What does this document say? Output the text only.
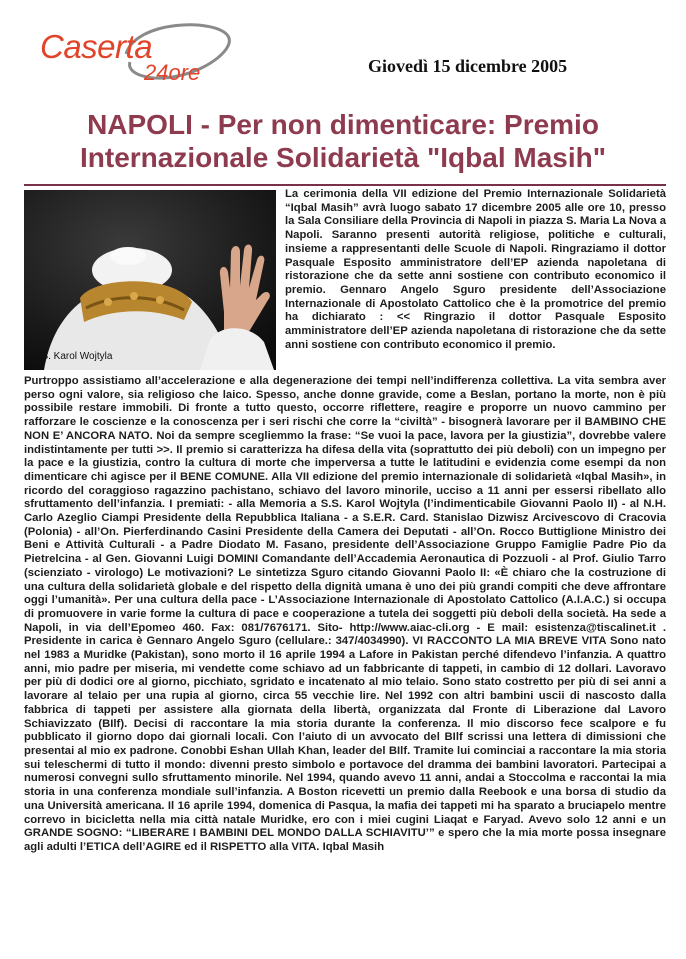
Caserta
24ore	Giovedì 15 dicembre 2005
NAPOLI - Per non dimenticare: Premio Internazionale Solidarietà "Iqbal Masih"
S.S. Karol Wojtyla

La cerimonia della VII edizione del Premio Internazionale Solidarietà “Iqbal Masih” avrà luogo sabato 17 dicembre 2005 alle ore 10, presso la Sala Consiliare della Provincia di Napoli in piazza S. Maria La Nova a Napoli. Saranno presenti autorità religiose, politiche e culturali, insieme a rappresentanti delle Scuole di Napoli. Ringraziamo il dottor Pasquale Esposito amministratore dell’EP azienda napoletana di ristorazione che da sette anni sostiene con contributo economico il premio. Gennaro Angelo Sguro presidente dell’Associazione Internazionale di Apostolato Cattolico che è la promotrice del premio ha dichiarato : << Ringrazio il dottor Pasquale Esposito amministratore dell’EP azienda napoletana di ristorazione che da sette anni sostiene con contributo economico il premio.

Purtroppo assistiamo all’accelerazione e alla degenerazione dei tempi nell’indifferenza collettiva. La vita sembra aver perso ogni valore, sia religioso che laico. Spesso, anche donne gravide, come a Beslan, portano la morte, non è più possibile restare immobili. Di fronte a tutto questo, occorre riflettere, reagire e proporre un nuovo cammino per rafforzare le coscienze e la conoscenza per i seri rischi che corre la “civiltà” - bisognerà lavorare per il BAMBINO CHE NON E’ ANCORA NATO. Noi da sempre scegliemmo la frase: “Se vuoi la pace, lavora per la giustizia”, dovrebbe valere indistintamente per tutti >>. Il premio si caratterizza ha difesa della vita (soprattutto dei più deboli) con un impegno per la pace e la giustizia, contro la cultura di morte che imperversa a tutte le latitudini e evidenzia come esempi da non dimenticare chi agisce per il BENE COMUNE. Alla VII edizione del premio internazionale di solidarietà «Iqbal Masih», in ricordo del coraggioso ragazzino pachistano, schiavo del lavoro minorile, ucciso a 11 anni per essersi ribellato allo sfruttamento dell’infanzia. I premiati: - alla Memoria a S.S. Karol Wojtyla (l’indimenticabile Giovanni Paolo II) - al N.H. Carlo Azeglio Ciampi Presidente della Repubblica Italiana - a S.E.R. Card. Stanislao Dizwisz Arcivescovo di Cracovia (Polonia) - all’On. Pierferdinando Casini Presidente della Camera dei Deputati - all’On. Rocco Buttiglione Ministro dei Beni e Attività Culturali - a Padre Diodato M. Fasano, presidente dell’Associazione Gruppo Famiglie Padre Pio da Pietrelcina - al Gen. Giovanni Luigi DOMINI Comandante dell’Accademia Aeronautica di Pozzuoli - al Prof. Giulio Tarro (scienziato - virologo) Le motivazioni? Le sintetizza Sguro citando Giovanni Paolo II: «È chiaro che la costruzione di una cultura della solidarietà globale e del rispetto della dignità umana è uno dei più grandi compiti che deve affrontare oggi l’umanità». Per una cultura della pace - L’Associazione Internazionale di Apostolato Cattolico (A.I.A.C.) si occupa di promuovere in varie forme la cultura di pace e cooperazione a tutela dei soggetti più deboli della società. Ha sede a Napoli, in via dell’Epomeo 460. Fax: 081/7676171. Sito- http://www.aiac-cli.org - E mail: esistenza@tiscalinet.it . Presidente in carica è Gennaro Angelo Sguro (cellulare.: 347/4034990). VI RACCONTO LA MIA BREVE VITA Sono nato nel 1983 a Muridke (Pakistan), sono morto il 16 aprile 1994 a Lafore in Pakistan perché difendevo l’infanzia. A quattro anni, mio padre per miseria, mi vendette come schiavo ad un fabbricante di tappeti, in cambio di 12 dollari. Lavoravo per più di dodici ore al giorno, picchiato, sgridato e incatenato al mio telaio. Sono stato costretto per più di sei anni a lavorare al telaio per una rupia al giorno, circa 55 vecchie lire. Nel 1992 con altri bambini uscii di nascosto dalla fabbrica di tappeti per assistere alla giornata della libertà, organizzata dal Fronte di Liberazione dal Lavoro Schiavizzato (BIlf). Decisi di raccontare la mia storia durante la conferenza. Il mio discorso fece scalpore e fu pubblicato il giorno dopo dai giornali locali. Con l’aiuto di un avvocato del BIlf scrissi una lettera di dimissioni che presentai al mio ex padrone. Conobbi Eshan Ullah Khan, leader del BIlf. Tramite lui cominciai a raccontare la mia storia sui teleschermi di tutto il mondo: divenni presto simbolo e portavoce del dramma dei bambini lavoratori. Partecipai a numerosi convegni sullo sfruttamento minorile. Nel 1994, quando avevo 11 anni, andai a Stoccolma e raccontai la mia storia in una conferenza mondiale sull’infanzia. A Boston ricevetti un premio dalla Reebook e una borsa di studio da una Università americana. Il 16 aprile 1994, domenica di Pasqua, la mafia dei tappeti mi ha sparato a bruciapelo mentre correvo in bicicletta nella mia città natale Muridke, ero con i miei cugini Liaqat e Faryad. Avevo solo 12 anni e un GRANDE SOGNO: “LIBERARE I BAMBINI DEL MONDO DALLA SCHIAVITU’” e spero che la mia morte possa insegnare agli adulti l’ETICA dell’AGIRE ed il RISPETTO alla VITA. Iqbal Masih
